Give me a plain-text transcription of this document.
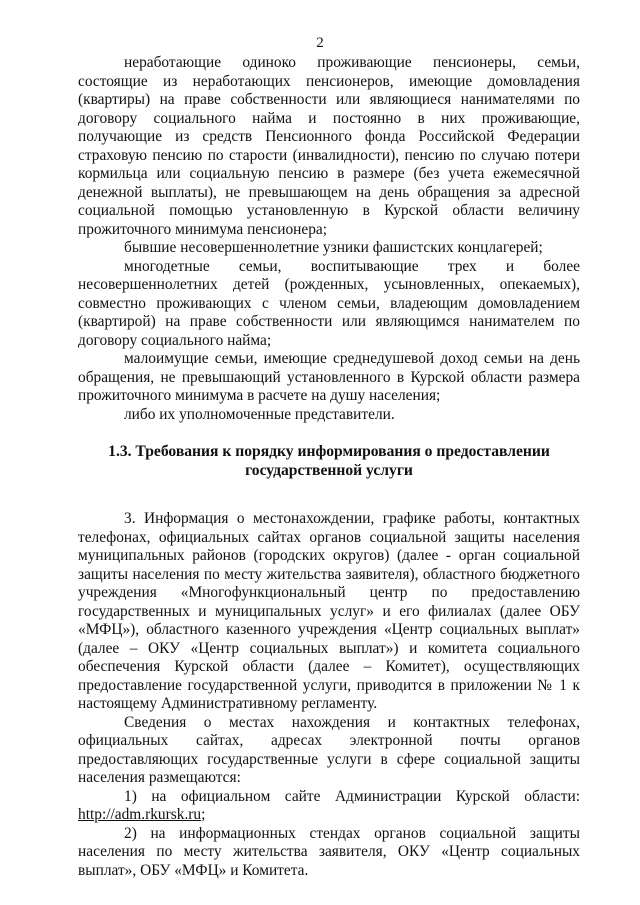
2

неработающие одиноко проживающие пенсионеры, семьи, состоящие из неработающих пенсионеров, имеющие домовладения (квартиры) на праве собственности или являющиеся нанимателями по договору социального найма и постоянно в них проживающие, получающие из средств Пенсионного фонда Российской Федерации страховую пенсию по старости (инвалидности), пенсию по случаю потери кормильца или социальную пенсию в размере (без учета ежемесячной денежной выплаты), не превышающем на день обращения за адресной социальной помощью установленную в Курской области величину прожиточного минимума пенсионера;

бывшие несовершеннолетние узники фашистских концлагерей;

многодетные семьи, воспитывающие трех и более несовершеннолетних детей (рожденных, усыновленных, опекаемых), совместно проживающих с членом семьи, владеющим домовладением (квартирой) на праве собственности или являющимся нанимателем по договору социального найма;

малоимущие семьи, имеющие среднедушевой доход семьи на день обращения, не превышающий установленного в Курской области размера прожиточного минимума в расчете на душу населения;

либо их уполномоченные представители.

1.3. Требования к порядку информирования о предоставлении государственной услуги

3. Информация о местонахождении, графике работы, контактных телефонах, официальных сайтах органов социальной защиты населения муниципальных районов (городских округов) (далее - орган социальной защиты населения по месту жительства заявителя), областного бюджетного учреждения «Многофункциональный центр по предоставлению государственных и муниципальных услуг» и его филиалах (далее ОБУ «МФЦ»), областного казенного учреждения «Центр социальных выплат» (далее – ОКУ «Центр социальных выплат») и комитета социального обеспечения Курской области (далее – Комитет), осуществляющих предоставление государственной услуги, приводится в приложении № 1 к настоящему Административному регламенту.

Сведения о местах нахождения и контактных телефонах, официальных сайтах, адресах электронной почты органов предоставляющих государственные услуги в сфере социальной защиты населения размещаются:

1) на официальном сайте Администрации Курской области: http://adm.rkursk.ru;

2) на информационных стендах органов социальной защиты населения по месту жительства заявителя, ОКУ «Центр социальных выплат», ОБУ «МФЦ» и Комитета.
